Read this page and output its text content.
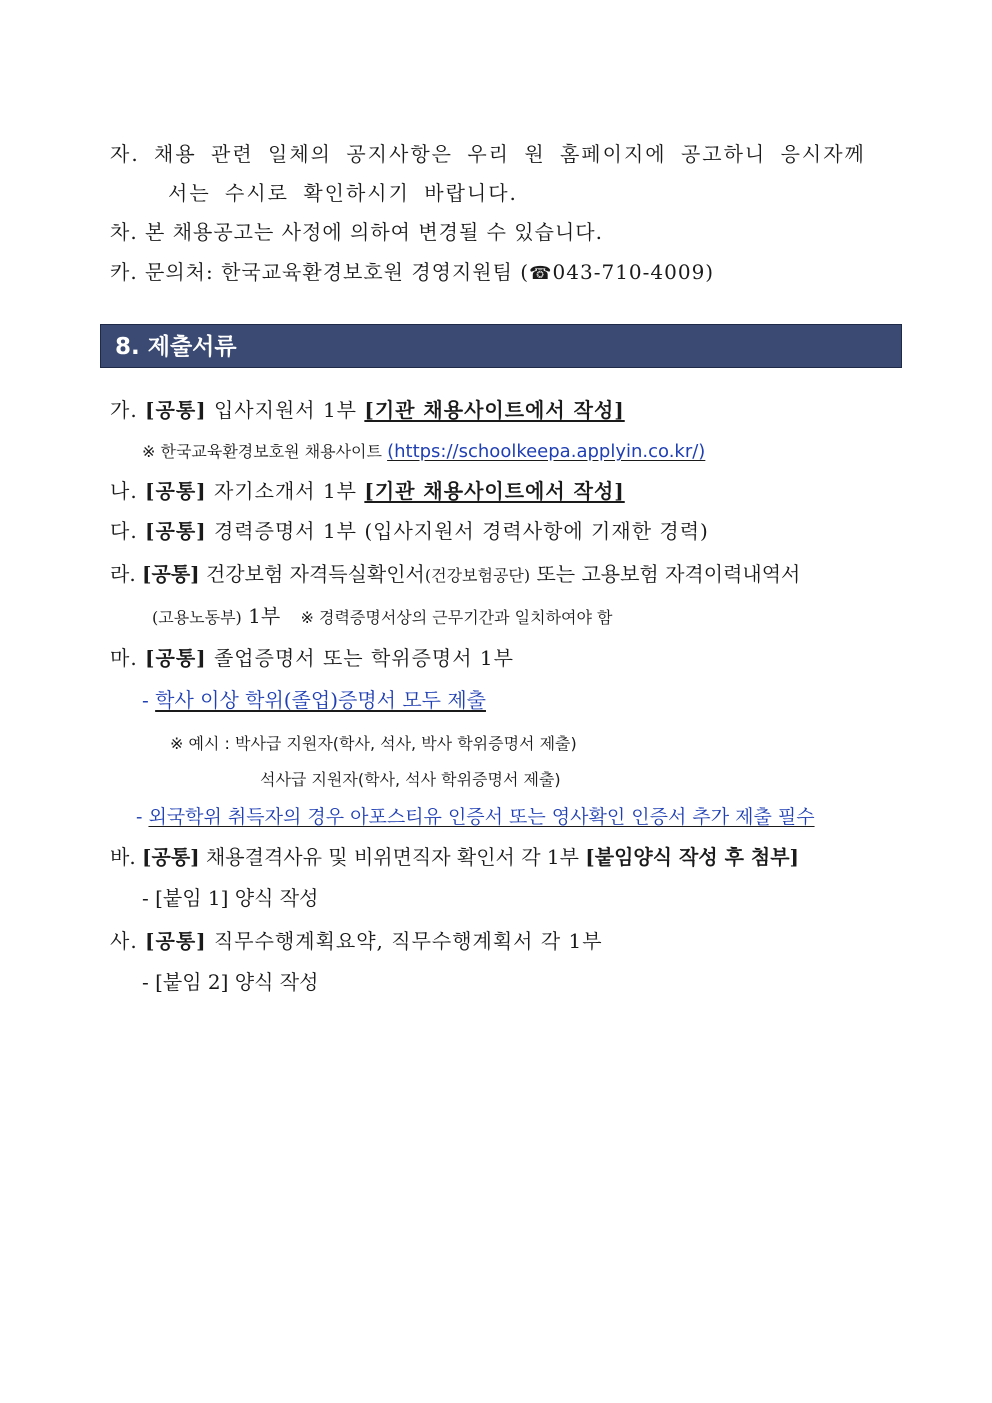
자. 채용 관련 일체의 공지사항은 우리 원 홈페이지에 공고하니 응시자께
서는 수시로 확인하시기 바랍니다.
차. 본 채용공고는 사정에 의하여 변경될 수 있습니다.
카. 문의처: 한국교육환경보호원 경영지원팀 (☎043-710-4009)
8. 제출서류
가. [공통] 입사지원서 1부 [기관 채용사이트에서 작성]
※ 한국교육환경보호원 채용사이트 (https://schoolkeepa.applyin.co.kr/)
나. [공통] 자기소개서 1부 [기관 채용사이트에서 작성]
다. [공통] 경력증명서 1부 (입사지원서 경력사항에 기재한 경력)
라. [공통] 건강보험 자격득실확인서(건강보험공단) 또는 고용보험 자격이력내역서
(고용노동부) 1부 ※ 경력증명서상의 근무기간과 일치하여야 함
마. [공통] 졸업증명서 또는 학위증명서 1부
- 학사 이상 학위(졸업)증명서 모두 제출
※ 예시 : 박사급 지원자(학사, 석사, 박사 학위증명서 제출)
석사급 지원자(학사, 석사 학위증명서 제출)
- 외국학위 취득자의 경우 아포스티유 인증서 또는 영사확인 인증서 추가 제출 필수
바. [공통] 채용결격사유 및 비위면직자 확인서 각 1부 [붙임양식 작성 후 첨부]
- [붙임 1] 양식 작성
사. [공통] 직무수행계획요약, 직무수행계획서 각 1부
- [붙임 2] 양식 작성
